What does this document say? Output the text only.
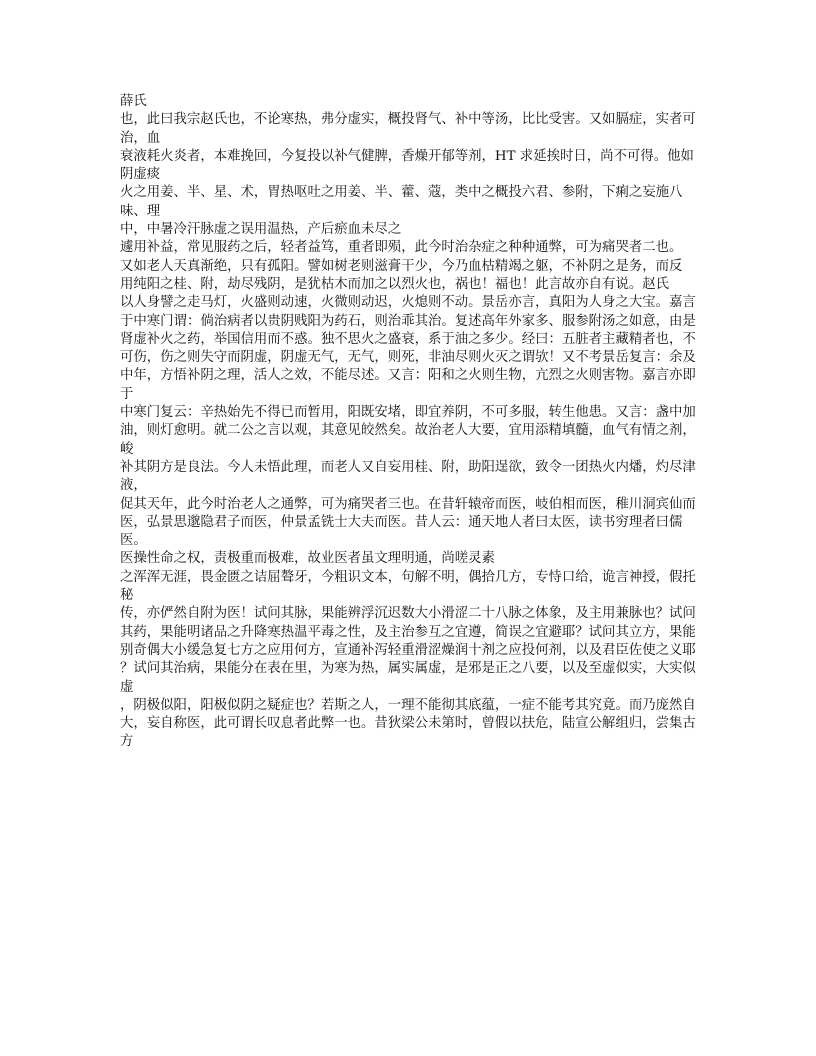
薛氏
也，此曰我宗赵氏也，不论寒热，弗分虚实，概投肾气、补中等汤，比比受害。又如膈症，实者可治，血
衰液耗火炎者，本难挽回，今复投以补气健脾，香燥开郁等剂，HT 求延挨时日，尚不可得。他如阴虚痰
火之用姜、半、星、术，胃热呕吐之用姜、半、藿、蔻，类中之概投六君、参附，下痢之妄施八味、理
中，中暑冷汗脉虚之误用温热，产后瘀血未尽之
遽用补益，常见服药之后，轻者益笃，重者即殒，此今时治杂症之种种通弊，可为痛哭者二也。
又如老人天真渐绝，只有孤阳。譬如树老则滋膏干少，今乃血枯精竭之躯，不补阴之是务，而反
用纯阳之桂、附，劫尽残阴，是犹枯木而加之以烈火也，祸也！福也！此言故亦自有说。赵氏
以人身譬之走马灯，火盛则动速，火微则动迟，火熄则不动。景岳亦言，真阳为人身之大宝。嘉言
于中寒门谓：倘治病者以贵阴贱阳为药石，则治乖其治。复述高年外家多、服参附汤之如意，由是
肾虚补火之药，举国信用而不惑。独不思火之盛衰，系于油之多少。经曰：五脏者主藏精者也，不
可伤，伤之则失守而阴虚，阴虚无气，无气，则死，非油尽则火灭之谓欤！又不考景岳复言：余及
中年，方悟补阴之理，活人之效，不能尽述。又言：阳和之火则生物，亢烈之火则害物。嘉言亦即于
中寒门复云：辛热始先不得已而暂用，阳既安堵，即宜养阴，不可多服，转生他患。又言：盏中加
油，则灯愈明。就二公之言以观，其意见皎然矣。故治老人大要，宜用添精填髓，血气有情之剂，峻
补其阴方是良法。今人未悟此理，而老人又自妄用桂、附，助阳逞欲，致令一团热火内燔，灼尽津液，
促其天年，此今时治老人之通弊，可为痛哭者三也。在昔轩辕帝而医，岐伯相而医，稚川洞宾仙而
医，弘景思邈隐君子而医，仲景孟铣士大夫而医。昔人云：通天地人者曰太医，读书穷理者曰儒医。
医操性命之权，责极重而极难，故业医者虽文理明通，尚嗟灵素
之浑浑无涯，畏金匮之诘屈聱牙，今粗识文本，句解不明，偶拾几方，专恃口给，诡言神授，假托秘
传，亦俨然自附为医！试问其脉，果能辨浮沉迟数大小滑涩二十八脉之体象，及主用兼脉也？试问
其药，果能明诸品之升降寒热温平毒之性，及主治参互之宜遵，简误之宜避耶？试问其立方，果能
别奇偶大小缓急复七方之应用何方，宣通补泻轻重滑涩燥润十剂之应投何剂，以及君臣佐使之义耶
？试问其治病，果能分在表在里，为寒为热，属实属虚，是邪是正之八要，以及至虚似实，大实似虚
，阴极似阳，阳极似阴之疑症也？若斯之人，一理不能彻其底蕴，一症不能考其究竟。而乃庞然自
大，妄自称医，此可谓长叹息者此弊一也。昔狄梁公未第时，曾假以扶危，陆宣公解组归，尝集古方
